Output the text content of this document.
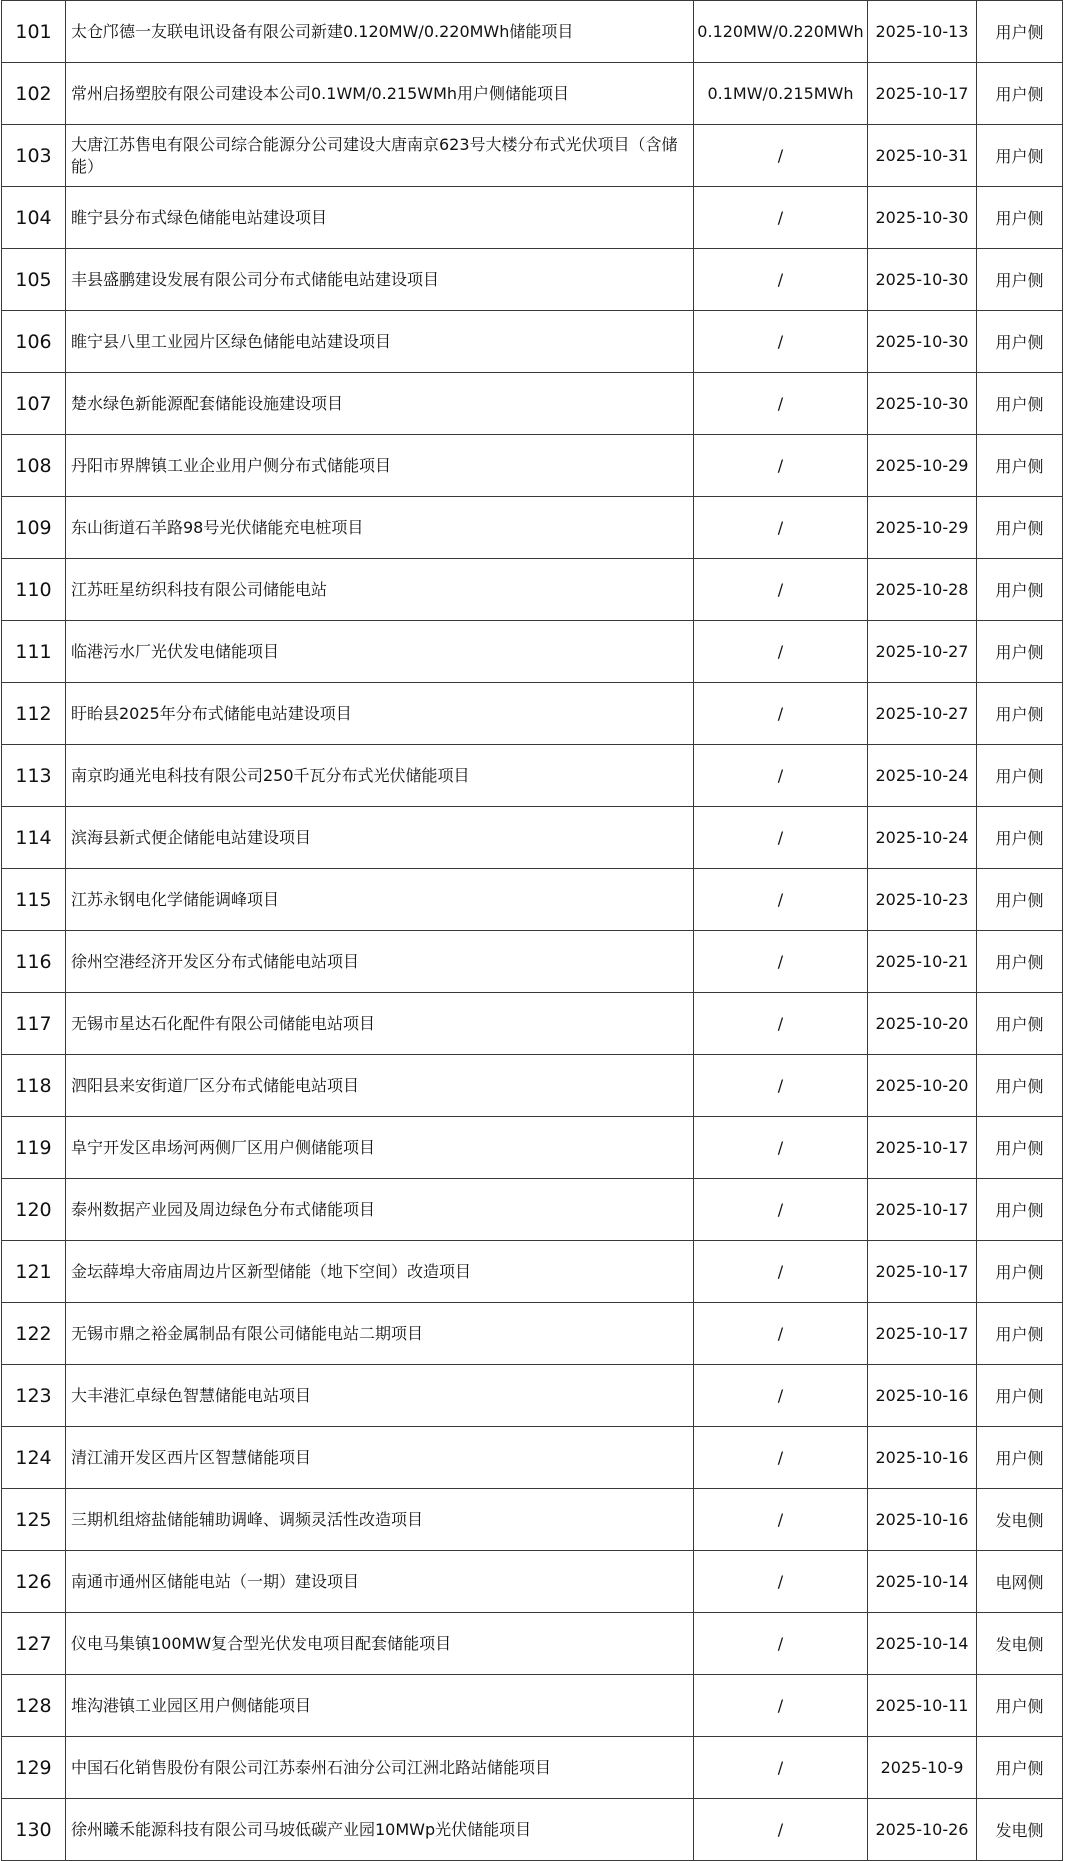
101	太仓邝德一友联电讯设备有限公司新建0.120MW/0.220MWh储能项目	0.120MW/0.220MWh	2025-10-13	用户侧
102	常州启扬塑胶有限公司建设本公司0.1WM/0.215WMh用户侧储能项目	0.1MW/0.215MWh	2025-10-17	用户侧
103	大唐江苏售电有限公司综合能源分公司建设大唐南京623号大楼分布式光伏项目（含储能）	/	2025-10-31	用户侧
104	睢宁县分布式绿色储能电站建设项目	/	2025-10-30	用户侧
105	丰县盛鹏建设发展有限公司分布式储能电站建设项目	/	2025-10-30	用户侧
106	睢宁县八里工业园片区绿色储能电站建设项目	/	2025-10-30	用户侧
107	楚水绿色新能源配套储能设施建设项目	/	2025-10-30	用户侧
108	丹阳市界牌镇工业企业用户侧分布式储能项目	/	2025-10-29	用户侧
109	东山街道石羊路98号光伏储能充电桩项目	/	2025-10-29	用户侧
110	江苏旺星纺织科技有限公司储能电站	/	2025-10-28	用户侧
111	临港污水厂光伏发电储能项目	/	2025-10-27	用户侧
112	盱眙县2025年分布式储能电站建设项目	/	2025-10-27	用户侧
113	南京昀通光电科技有限公司250千瓦分布式光伏储能项目	/	2025-10-24	用户侧
114	滨海县新式便企储能电站建设项目	/	2025-10-24	用户侧
115	江苏永钢电化学储能调峰项目	/	2025-10-23	用户侧
116	徐州空港经济开发区分布式储能电站项目	/	2025-10-21	用户侧
117	无锡市星达石化配件有限公司储能电站项目	/	2025-10-20	用户侧
118	泗阳县来安街道厂区分布式储能电站项目	/	2025-10-20	用户侧
119	阜宁开发区串场河两侧厂区用户侧储能项目	/	2025-10-17	用户侧
120	泰州数据产业园及周边绿色分布式储能项目	/	2025-10-17	用户侧
121	金坛薛埠大帝庙周边片区新型储能（地下空间）改造项目	/	2025-10-17	用户侧
122	无锡市鼎之裕金属制品有限公司储能电站二期项目	/	2025-10-17	用户侧
123	大丰港汇卓绿色智慧储能电站项目	/	2025-10-16	用户侧
124	清江浦开发区西片区智慧储能项目	/	2025-10-16	用户侧
125	三期机组熔盐储能辅助调峰、调频灵活性改造项目	/	2025-10-16	发电侧
126	南通市通州区储能电站（一期）建设项目	/	2025-10-14	电网侧
127	仪电马集镇100MW复合型光伏发电项目配套储能项目	/	2025-10-14	发电侧
128	堆沟港镇工业园区用户侧储能项目	/	2025-10-11	用户侧
129	中国石化销售股份有限公司江苏泰州石油分公司江洲北路站储能项目	/	2025-10-9	用户侧
130	徐州曦禾能源科技有限公司马坡低碳产业园10MWp光伏储能项目	/	2025-10-26	发电侧
